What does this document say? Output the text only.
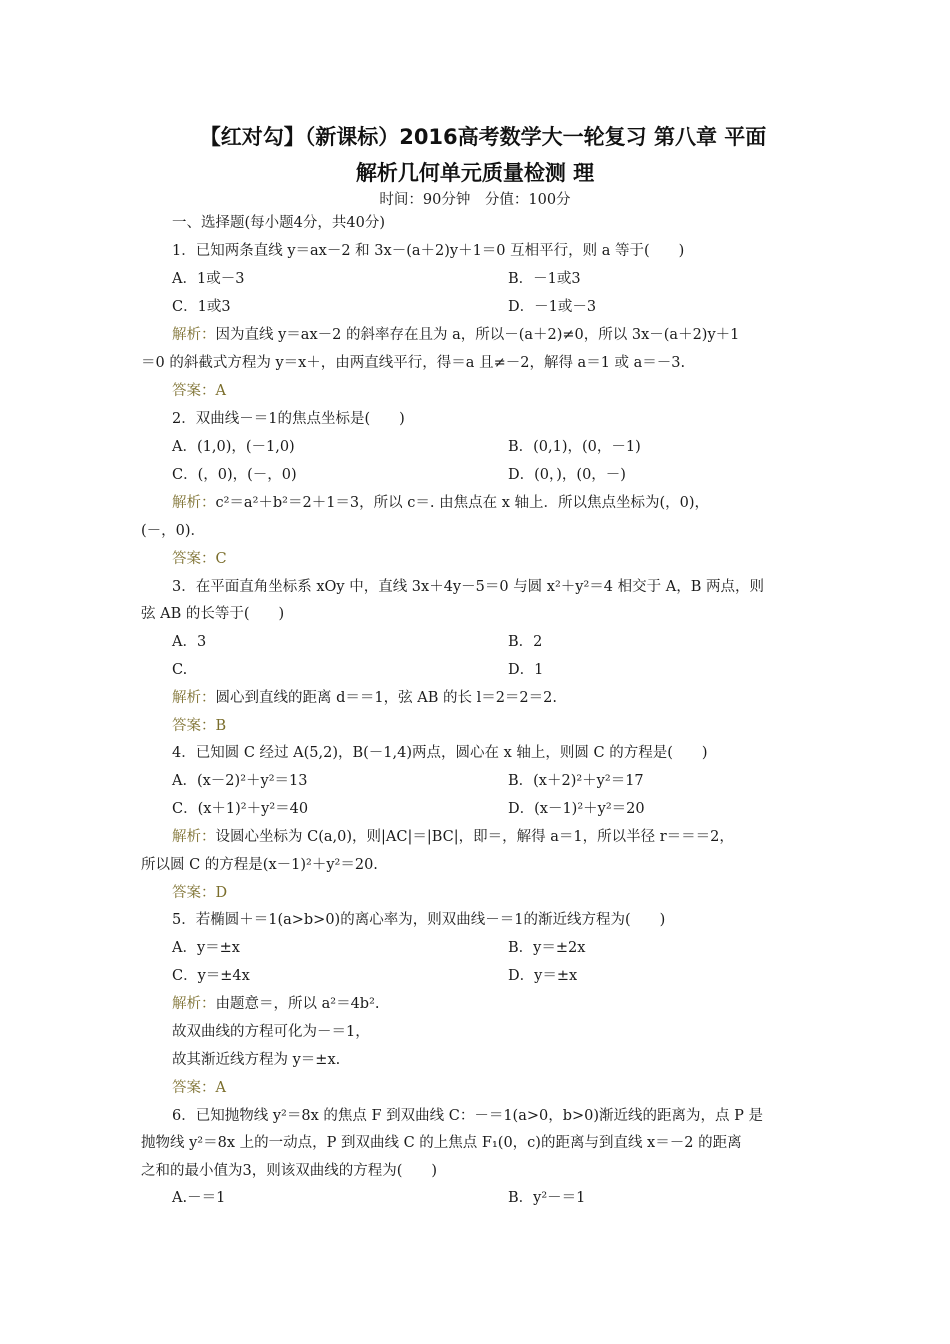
【红对勾】（新课标）2016高考数学大一轮复习 第八章 平面
解析几何单元质量检测 理
时间：90分钟　分值：100分
一、选择题(每小题4分，共40分)
1．已知两条直线 y＝ax－2 和 3x－(a＋2)y＋1＝0 互相平行，则 a 等于(　　)
A．1或－3	B．－1或3
C．1或3	D．－1或－3
解析：因为直线 y＝ax－2 的斜率存在且为 a，所以－(a＋2)≠0，所以 3x－(a＋2)y＋1
＝0 的斜截式方程为 y＝x＋，由两直线平行，得＝a 且≠－2，解得 a＝1 或 a＝－3.
答案：A
2．双曲线－＝1的焦点坐标是(　　)
A．(1,0)，(－1,0)	B．(0,1)，(0，－1)
C．(，0)，(－，0)	D．(0，)，(0，－)
解析：c²＝a²＋b²＝2＋1＝3，所以 c＝. 由焦点在 x 轴上．所以焦点坐标为(，0)，
(－，0)．
答案：C
3．在平面直角坐标系 xOy 中，直线 3x＋4y－5＝0 与圆 x²＋y²＝4 相交于 A，B 两点，则
弦 AB 的长等于(　　)
A．3	B．2
C.	D．1
解析：圆心到直线的距离 d＝＝1，弦 AB 的长 l＝2＝2＝2.
答案：B
4．已知圆 C 经过 A(5,2)，B(－1,4)两点，圆心在 x 轴上，则圆 C 的方程是(　　)
A．(x－2)²＋y²＝13	B．(x＋2)²＋y²＝17
C．(x＋1)²＋y²＝40	D．(x－1)²＋y²＝20
解析：设圆心坐标为 C(a,0)，则|AC|＝|BC|，即＝，解得 a＝1，所以半径 r＝＝＝2，
所以圆 C 的方程是(x－1)²＋y²＝20.
答案：D
5．若椭圆＋＝1(a>b>0)的离心率为，则双曲线－＝1的渐近线方程为(　　)
A．y＝±x	B．y＝±2x
C．y＝±4x	D．y＝±x
解析：由题意＝，所以 a²＝4b².
故双曲线的方程可化为－＝1，
故其渐近线方程为 y＝±x.
答案：A
6．已知抛物线 y²＝8x 的焦点 F 到双曲线 C：－＝1(a>0，b>0)渐近线的距离为，点 P 是
抛物线 y²＝8x 上的一动点，P 到双曲线 C 的上焦点 F₁(0，c)的距离与到直线 x＝－2 的距离
之和的最小值为3，则该双曲线的方程为(　　)
A.－＝1	B．y²－＝1
